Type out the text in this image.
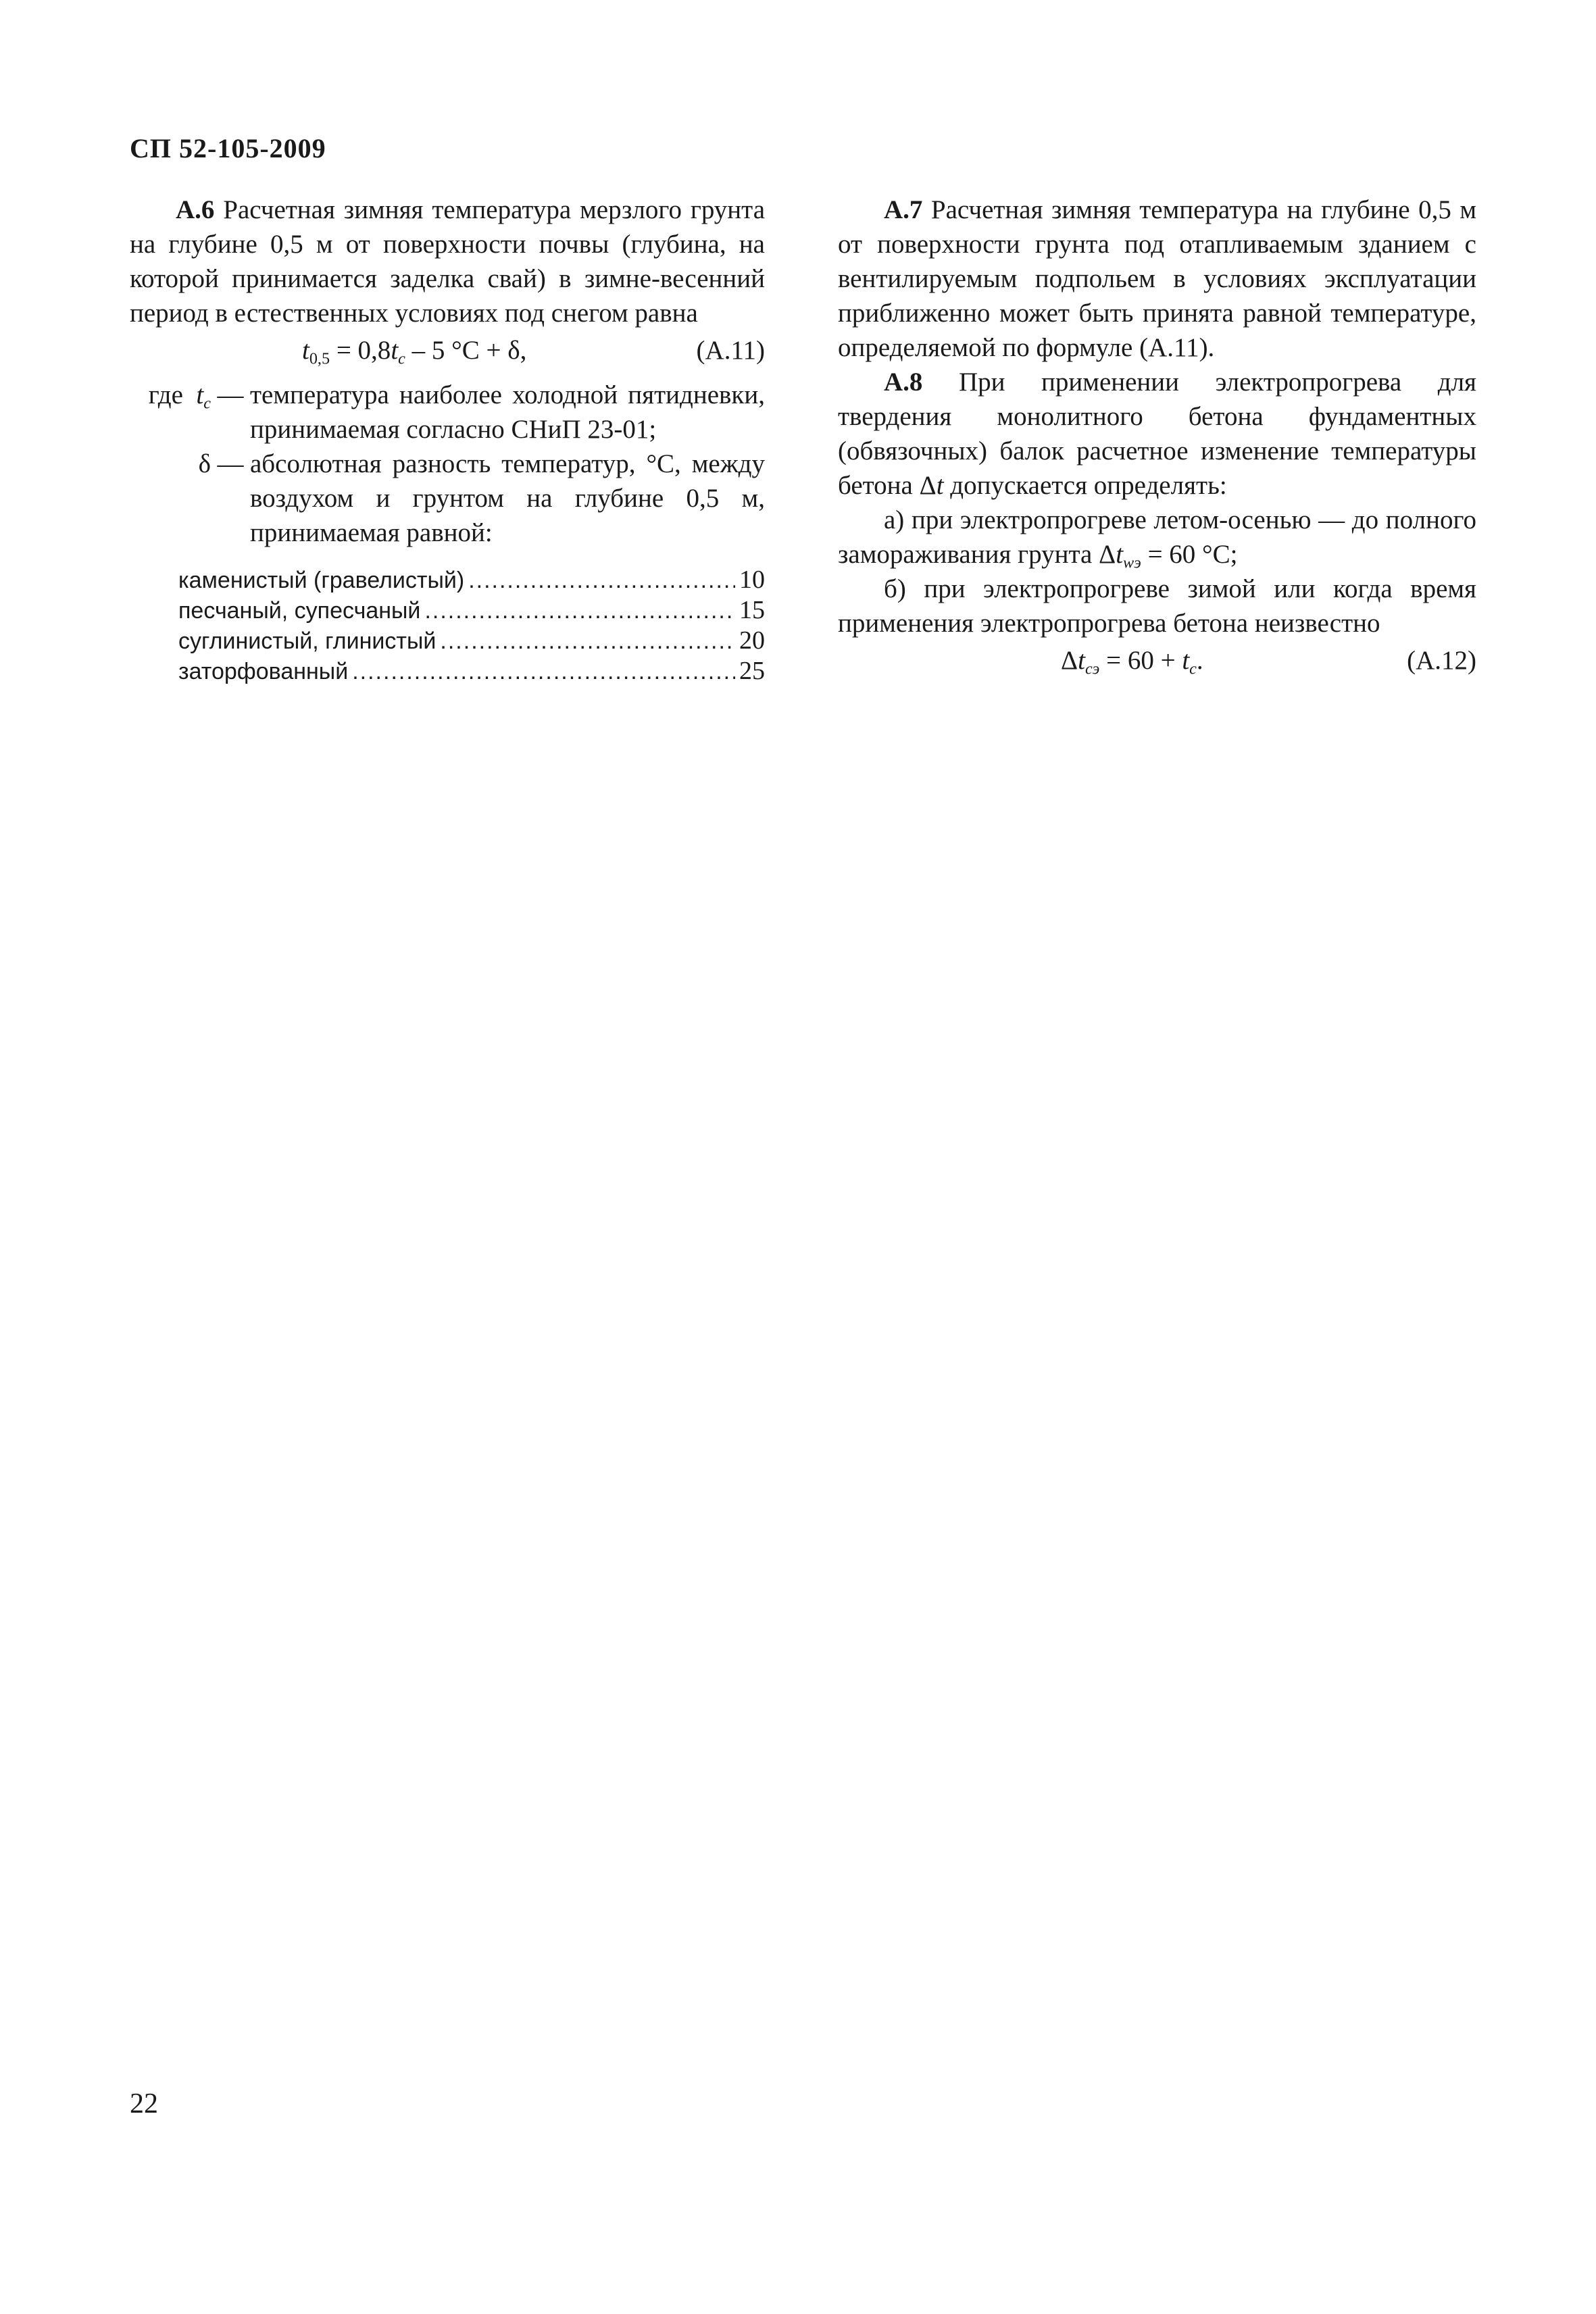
СП 52-105-2009

А.6 Расчетная зимняя температура мерзлого грунта на глубине 0,5 м от поверхности почвы (глубина, на которой принимается заделка свай) в зимне-весенний период в естественных условиях под снегом равна

$t_{0,5} = 0,8t_c - 5$ °С + δ,	(А.11)
где $t_c$ — температура наиболее холодной пятидневки, принимаемая согласно СНиП 23-01;
δ — абсолютная разность температур, °С, между воздухом и грунтом на глубине 0,5 м, принимаемая равной:
каменистый (гравелистый) .....	10
песчаный, супесчаный .....	15
суглинистый, глинистый .....	20
заторфованный .....	25

А.7 Расчетная зимняя температура на глубине 0,5 м от поверхности грунта под отапливаемым зданием с вентилируемым подпольем в условиях эксплуатации приближенно может быть принята равной температуре, определяемой по формуле (А.11).

А.8 При применении электропрогрева для твердения монолитного бетона фундаментных (обвязочных) балок расчетное изменение температуры бетона Δt допускается определять:

а) при электропрогреве летом-осенью — до полного замораживания грунта $\Delta t_{wэ} = 60$ °С;

б) при электропрогреве зимой или когда время применения электропрогрева бетона неизвестно

$\Delta t_{cэ} = 60 + t_c$.	(А.12)
22
